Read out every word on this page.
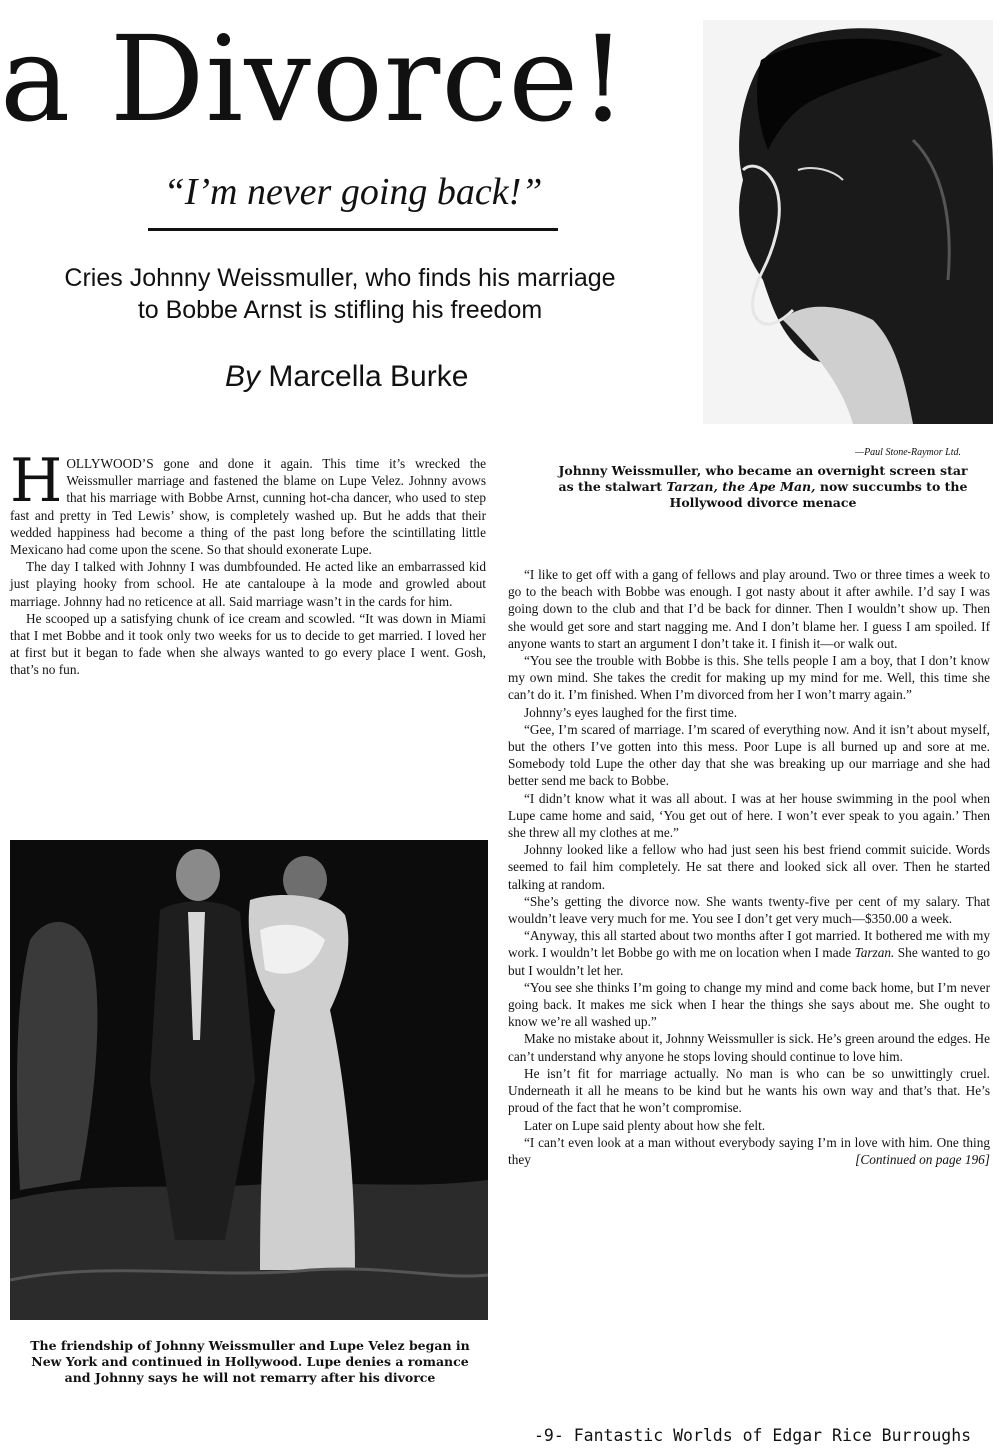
a Divorce!
“I’m never going back!”
Cries Johnny Weissmuller, who finds his marriage
to Bobbe Arnst is stifling his freedom
By Marcella Burke
—Paul Stone-Raymor Ltd.
Johnny Weissmuller, who became an overnight screen star as the stalwart Tarzan, the Ape Man, now succumbs to the Hollywood divorce menace

HOLLYWOOD’S gone and done it again. This time it’s wrecked the Weissmuller marriage and fastened the blame on Lupe Velez. Johnny avows that his marriage with Bobbe Arnst, cunning hot-cha dancer, who used to step fast and pretty in Ted Lewis’ show, is completely washed up. But he adds that their wedded happiness had become a thing of the past long before the scintillating little Mexicano had come upon the scene. So that should exonerate Lupe.

The day I talked with Johnny I was dumbfounded. He acted like an embarrassed kid just playing hooky from school. He ate cantaloupe à la mode and growled about marriage. Johnny had no reticence at all. Said marriage wasn’t in the cards for him.

He scooped up a satisfying chunk of ice cream and scowled. “It was down in Miami that I met Bobbe and it took only two weeks for us to decide to get married. I loved her at first but it began to fade when she always wanted to go every place I went. Gosh, that’s no fun.

The friendship of Johnny Weissmuller and Lupe Velez began in New York and continued in Hollywood. Lupe denies a romance and Johnny says he will not remarry after his divorce

“I like to get off with a gang of fellows and play around. Two or three times a week to go to the beach with Bobbe was enough. I got nasty about it after awhile. I’d say I was going down to the club and that I’d be back for dinner. Then I wouldn’t show up. Then she would get sore and start nagging me. And I don’t blame her. I guess I am spoiled. If anyone wants to start an argument I don’t take it. I finish it—or walk out.

“You see the trouble with Bobbe is this. She tells people I am a boy, that I don’t know my own mind. She takes the credit for making up my mind for me. Well, this time she can’t do it. I’m finished. When I’m divorced from her I won’t marry again.”

Johnny’s eyes laughed for the first time.

“Gee, I’m scared of marriage. I’m scared of everything now. And it isn’t about myself, but the others I’ve gotten into this mess. Poor Lupe is all burned up and sore at me. Somebody told Lupe the other day that she was breaking up our marriage and she had better send me back to Bobbe.

“I didn’t know what it was all about. I was at her house swimming in the pool when Lupe came home and said, ‘You get out of here. I won’t ever speak to you again.’ Then she threw all my clothes at me.”

Johnny looked like a fellow who had just seen his best friend commit suicide. Words seemed to fail him completely. He sat there and looked sick all over. Then he started talking at random.

“She’s getting the divorce now. She wants twenty-five per cent of my salary. That wouldn’t leave very much for me. You see I don’t get very much—$350.00 a week.

“Anyway, this all started about two months after I got married. It bothered me with my work. I wouldn’t let Bobbe go with me on location when I made Tarzan. She wanted to go but I wouldn’t let her.

“You see she thinks I’m going to change my mind and come back home, but I’m never going back. It makes me sick when I hear the things she says about me. She ought to know we’re all washed up.”

Make no mistake about it, Johnny Weissmuller is sick. He’s green around the edges. He can’t understand why anyone he stops loving should continue to love him.

He isn’t fit for marriage actually. No man is who can be so unwittingly cruel. Underneath it all he means to be kind but he wants his own way and that’s that. He’s proud of the fact that he won’t compromise.

Later on Lupe said plenty about how she felt.

“I can’t even look at a man without everybody saying I’m in love with him. One thing they	[Continued on page 196]

-9- Fantastic Worlds of Edgar Rice Burroughs
